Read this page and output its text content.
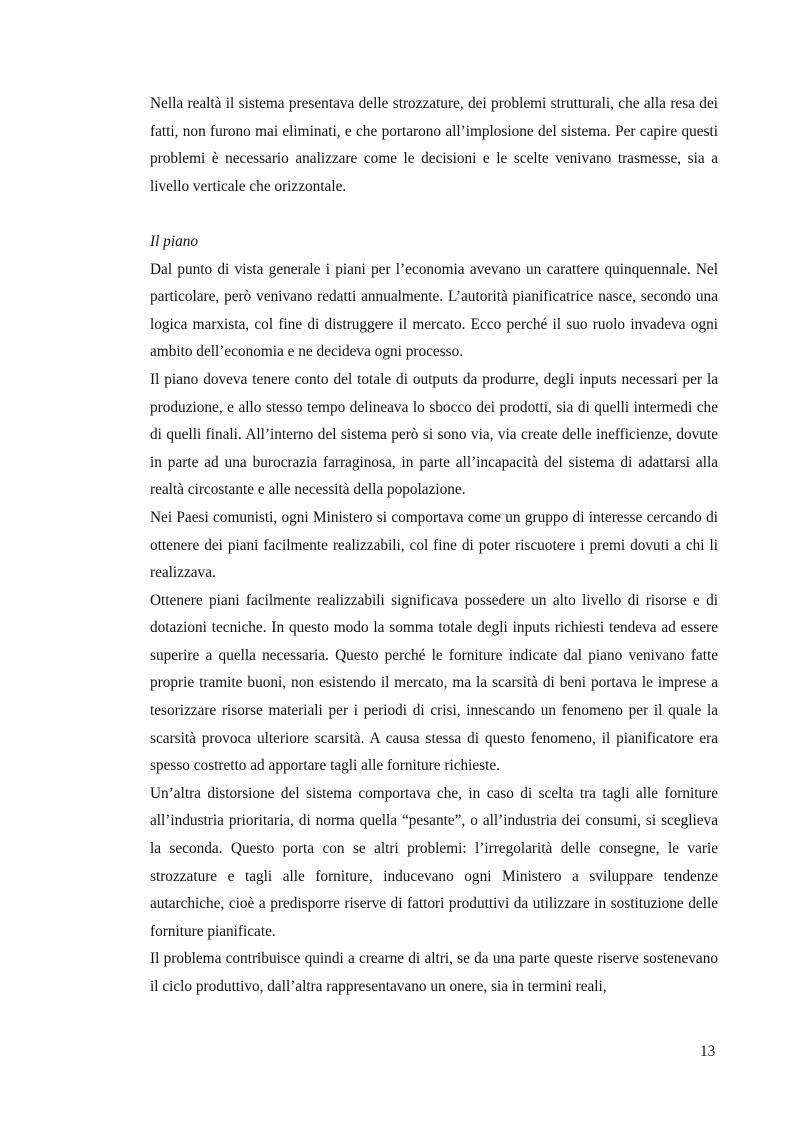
Nella realtà il sistema presentava delle strozzature, dei problemi strutturali, che alla resa dei fatti, non furono mai eliminati, e che portarono all’implosione del sistema. Per capire questi problemi è necessario analizzare come le decisioni e le scelte venivano trasmesse, sia a livello verticale che orizzontale.

Il piano

Dal punto di vista generale i piani per l’economia avevano un carattere quinquennale. Nel particolare, però venivano redatti annualmente. L’autorità pianificatrice nasce, secondo una logica marxista, col fine di distruggere il mercato. Ecco perché il suo ruolo invadeva ogni ambito dell’economia e ne decideva ogni processo.

Il piano doveva tenere conto del totale di outputs da produrre, degli inputs necessari per la produzione, e allo stesso tempo delineava lo sbocco dei prodotti, sia di quelli intermedi che di quelli finali. All’interno del sistema però si sono via, via create delle inefficienze, dovute in parte ad una burocrazia farraginosa, in parte all’incapacità del sistema di adattarsi alla realtà circostante e alle necessità della popolazione.

Nei Paesi comunisti, ogni Ministero si comportava come un gruppo di interesse cercando di ottenere dei piani facilmente realizzabili, col fine di poter riscuotere i premi dovuti a chi li realizzava.

Ottenere piani facilmente realizzabili significava possedere un alto livello di risorse e di dotazioni tecniche. In questo modo la somma totale degli inputs richiesti tendeva ad essere superire a quella necessaria. Questo perché le forniture indicate dal piano venivano fatte proprie tramite buoni, non esistendo il mercato, ma la scarsità di beni portava le imprese a tesorizzare risorse materiali per i periodi di crisi, innescando un fenomeno per il quale la scarsità provoca ulteriore scarsità. A causa stessa di questo fenomeno, il pianificatore era spesso costretto ad apportare tagli alle forniture richieste.

Un’altra distorsione del sistema comportava che, in caso di scelta tra tagli alle forniture all’industria prioritaria, di norma quella “pesante”, o all’industria dei consumi, si sceglieva la seconda. Questo porta con se altri problemi: l’irregolarità delle consegne, le varie strozzature e tagli alle forniture, inducevano ogni Ministero a sviluppare tendenze autarchiche, cioè a predisporre riserve di fattori produttivi da utilizzare in sostituzione delle forniture pianificate.

Il problema contribuisce quindi a crearne di altri, se da una parte queste riserve sostenevano il ciclo produttivo, dall’altra rappresentavano un onere, sia in termini reali,

13
